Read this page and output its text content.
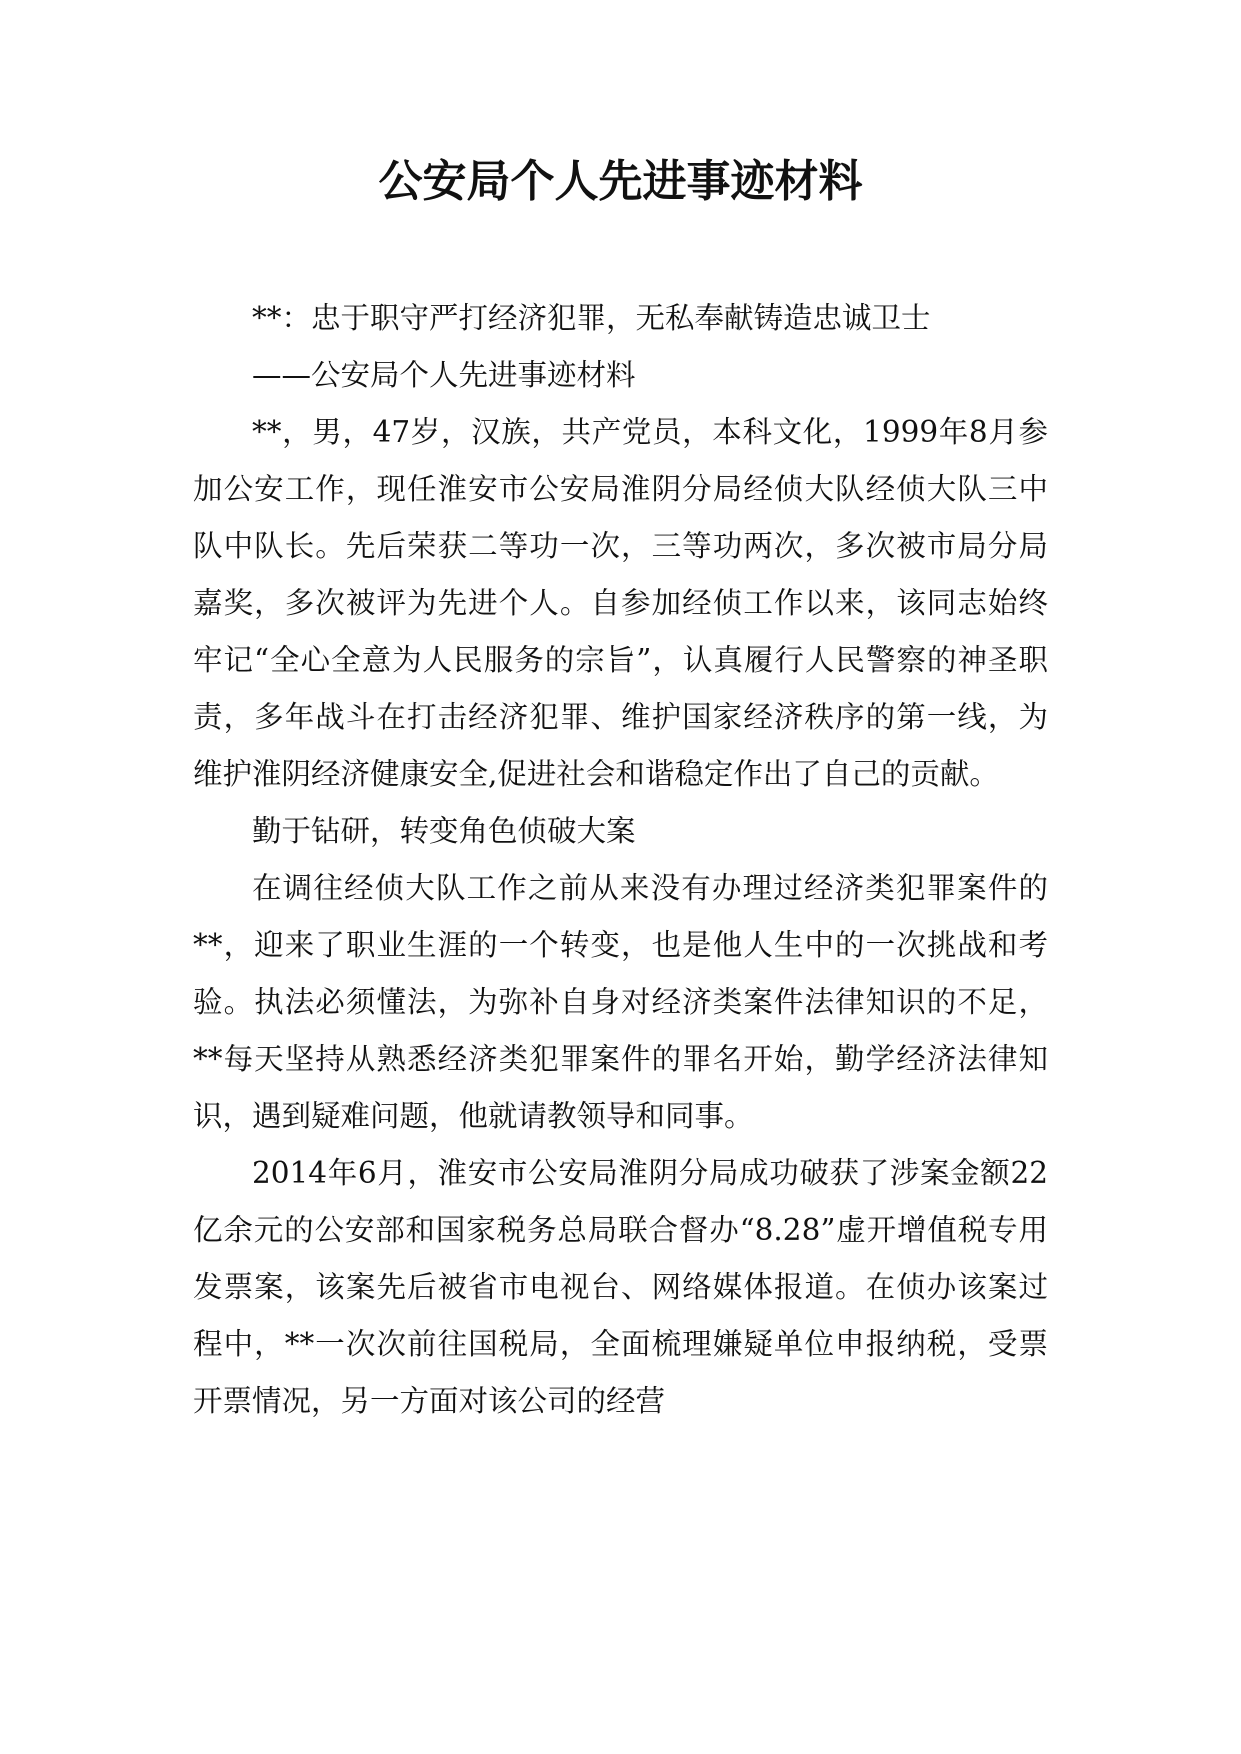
公安局个人先进事迹材料

**：忠于职守严打经济犯罪，无私奉献铸造忠诚卫士

——公安局个人先进事迹材料

**，男，47岁，汉族，共产党员，本科文化，1999年8月参加公安工作，现任淮安市公安局淮阴分局经侦大队经侦大队三中队中队长。先后荣获二等功一次，三等功两次，多次被市局分局嘉奖，多次被评为先进个人。自参加经侦工作以来，该同志始终牢记“全心全意为人民服务的宗旨”，认真履行人民警察的神圣职责，多年战斗在打击经济犯罪、维护国家经济秩序的第一线，为维护淮阴经济健康安全,促进社会和谐稳定作出了自己的贡献。

勤于钻研，转变角色侦破大案

在调往经侦大队工作之前从来没有办理过经济类犯罪案件的**，迎来了职业生涯的一个转变，也是他人生中的一次挑战和考验。执法必须懂法，为弥补自身对经济类案件法律知识的不足，**每天坚持从熟悉经济类犯罪案件的罪名开始，勤学经济法律知识，遇到疑难问题，他就请教领导和同事。

2014年6月，淮安市公安局淮阴分局成功破获了涉案金额22亿余元的公安部和国家税务总局联合督办“8.28”虚开增值税专用发票案，该案先后被省市电视台、网络媒体报道。在侦办该案过程中，**一次次前往国税局，全面梳理嫌疑单位申报纳税，受票开票情况，另一方面对该公司的经营
